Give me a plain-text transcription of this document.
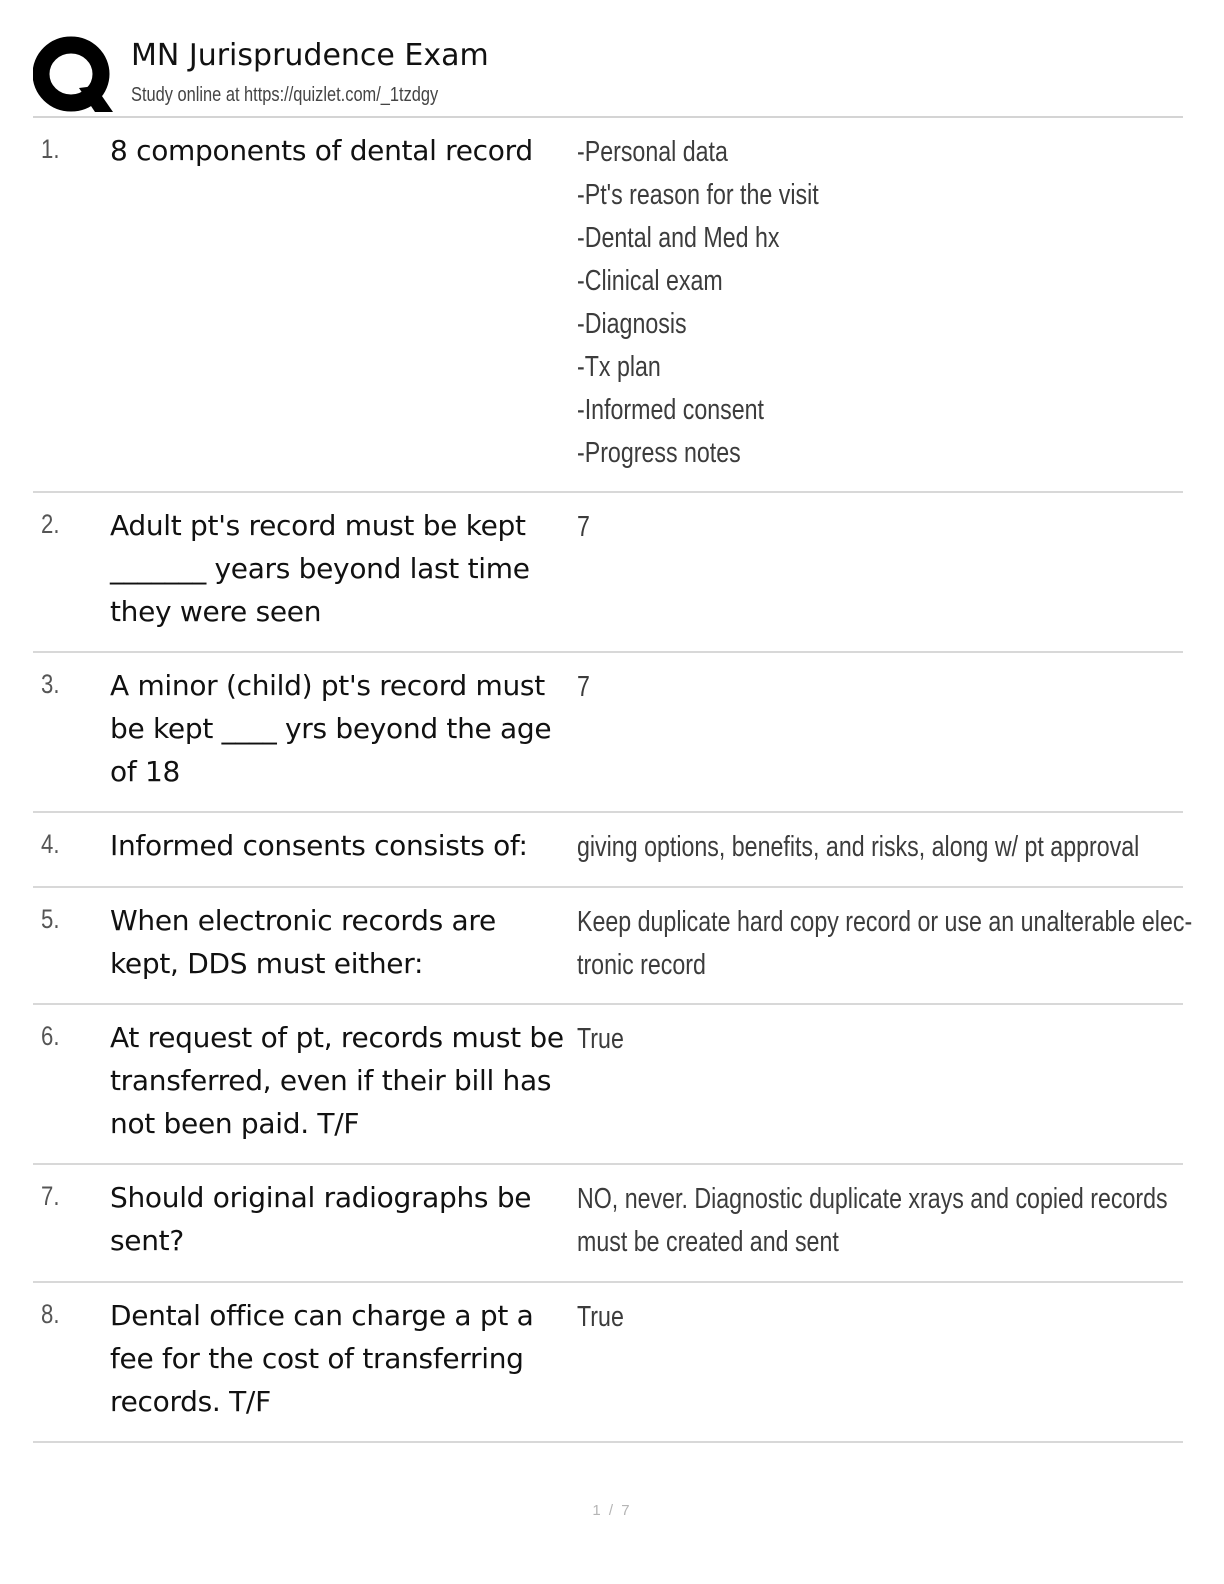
MN Jurisprudence Exam
Study online at https://quizlet.com/_1tzdgy
1. 8 components of dental record	-Personal data
-Pt's reason for the visit
-Dental and Med hx
-Clinical exam
-Diagnosis
-Tx plan
-Informed consent
-Progress notes
2. Adult pt's record must be kept _______ years beyond last time they were seen
7
3. A minor (child) pt's record must be kept ____ yrs beyond the age of 18
7
4. Informed consents consists of:	giving options, benefits, and risks, along w/ pt approval
5. When electronic records are kept, DDS must either:
Keep duplicate hard copy record or use an unalterable elec-
tronic record
6. At request of pt, records must be transferred, even if their bill has not been paid. T/F
True
7. Should original radiographs be sent?
NO, never. Diagnostic duplicate xrays and copied records
must be created and sent
8. Dental office can charge a pt a fee for the cost of transferring records. T/F
True
1 / 7
